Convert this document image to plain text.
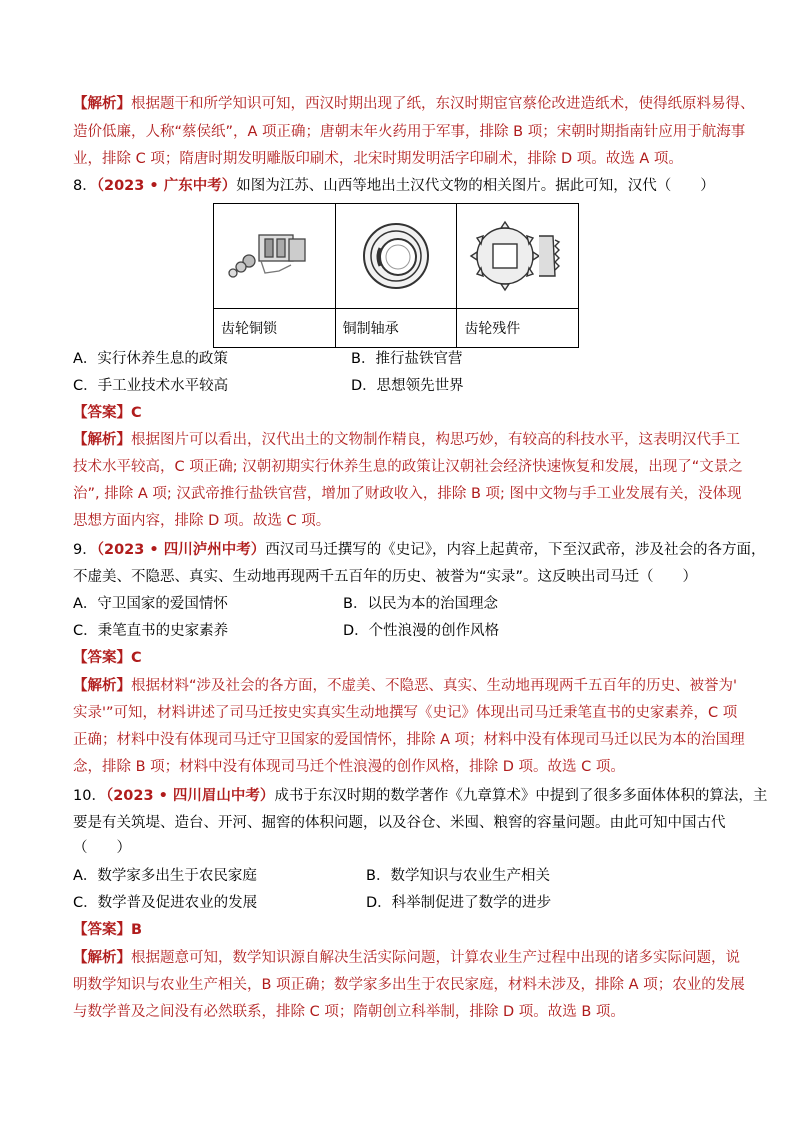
【解析】根据题干和所学知识可知，西汉时期出现了纸，东汉时期宦官蔡伦改进造纸术，使得纸原料易得、
造价低廉，人称“蔡侯纸”，A 项正确；唐朝末年火药用于军事，排除 B 项；宋朝时期指南针应用于航海事
业，排除 C 项；隋唐时期发明雕版印刷术，北宋时期发明活字印刷术，排除 D 项。故选 A 项。
8．（2023 • 广东中考）如图为江苏、山西等地出土汉代文物的相关图片。据此可知，汉代（　　）

齿轮铜锁	铜制轴承	齿轮残件
A．实行休养生息的政策	B．推行盐铁官营
C．手工业技术水平较高	D．思想领先世界
【答案】C
【解析】根据图片可以看出，汉代出土的文物制作精良，构思巧妙，有较高的科技水平，这表明汉代手工
技术水平较高，C 项正确; 汉朝初期实行休养生息的政策让汉朝社会经济快速恢复和发展，出现了“文景之
治”, 排除 A 项; 汉武帝推行盐铁官营，增加了财政收入，排除 B 项; 图中文物与手工业发展有关，没体现
思想方面内容，排除 D 项。故选 C 项。
9．（2023 • 四川泸州中考）西汉司马迁撰写的《史记》，内容上起黄帝，下至汉武帝，涉及社会的各方面，
不虚美、不隐恶、真实、生动地再现两千五百年的历史、被誉为“实录”。这反映出司马迁（　　）
A．守卫国家的爱国情怀	B．以民为本的治国理念
C．秉笔直书的史家素养	D．个性浪漫的创作风格
【答案】C
【解析】根据材料“涉及社会的各方面，不虚美、不隐恶、真实、生动地再现两千五百年的历史、被誉为'
实录'”可知，材料讲述了司马迁按史实真实生动地撰写《史记》体现出司马迁秉笔直书的史家素养，C 项
正确；材料中没有体现司马迁守卫国家的爱国情怀，排除 A 项；材料中没有体现司马迁以民为本的治国理
念，排除 B 项；材料中没有体现司马迁个性浪漫的创作风格，排除 D 项。故选 C 项。
10．（2023 • 四川眉山中考）成书于东汉时期的数学著作《九章算术》中提到了很多多面体体积的算法，主
要是有关筑堤、造台、开河、掘窖的体积问题，以及谷仓、米囤、粮窖的容量问题。由此可知中国古代
（　　）
A．数学家多出生于农民家庭	B．数学知识与农业生产相关
C．数学普及促进农业的发展	D．科举制促进了数学的进步
【答案】B
【解析】根据题意可知，数学知识源自解决生活实际问题，计算农业生产过程中出现的诸多实际问题，说
明数学知识与农业生产相关，B 项正确；数学家多出生于农民家庭，材料未涉及，排除 A 项；农业的发展
与数学普及之间没有必然联系，排除 C 项；隋朝创立科举制，排除 D 项。故选 B 项。
